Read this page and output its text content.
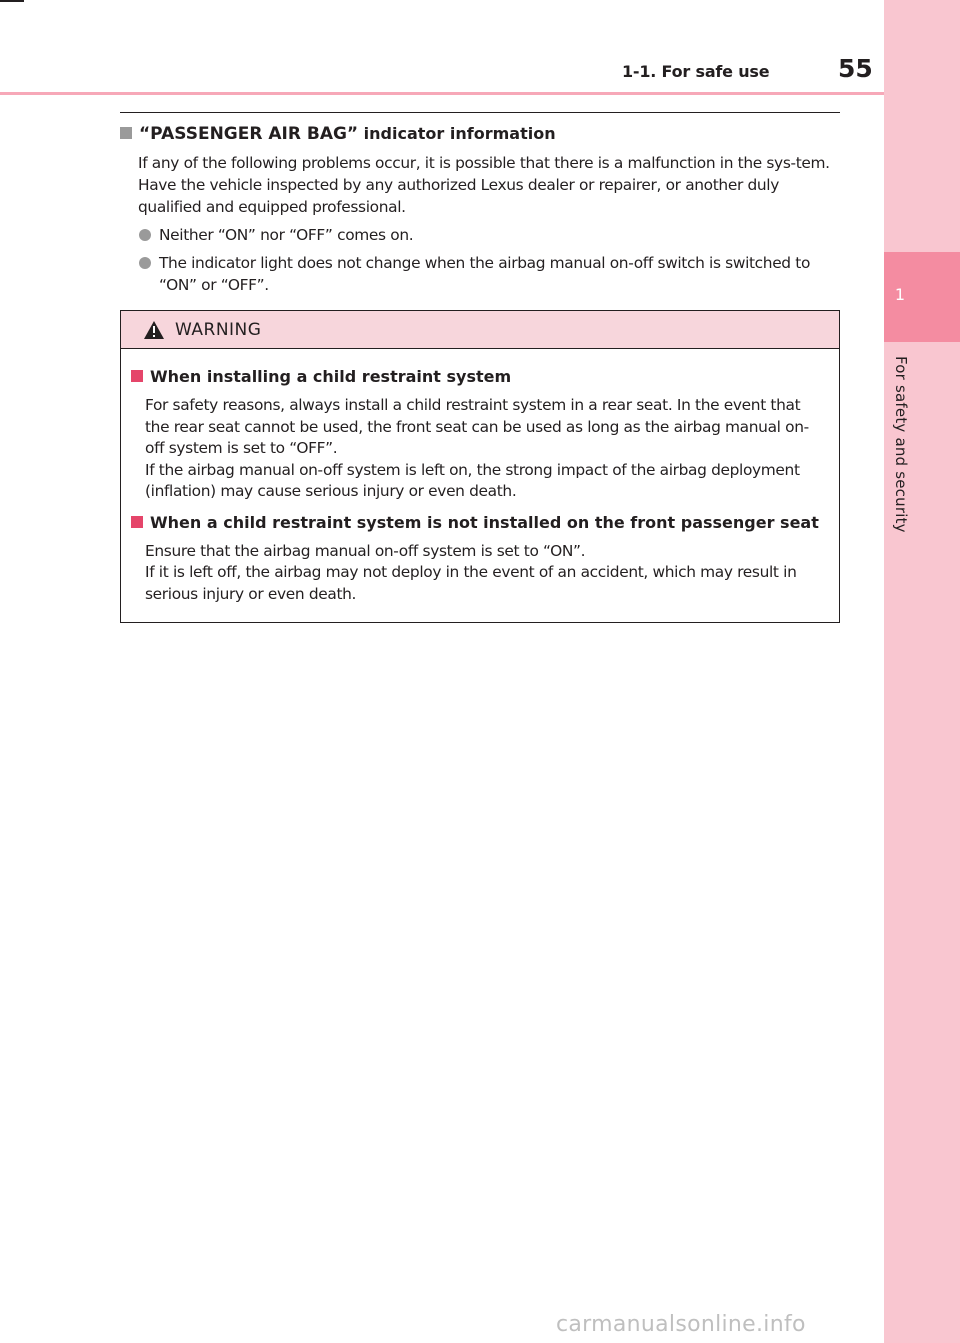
1
For safety and security
1-1. For safe use	55
“PASSENGER AIR BAG” indicator information
If any of the following problems occur, it is possible that there is a malfunction in the sys-tem. Have the vehicle inspected by any authorized Lexus dealer or repairer, or another duly qualified and equipped professional.
Neither “ON” nor “OFF” comes on.
The indicator light does not change when the airbag manual on-off switch is switched to “ON” or “OFF”.
WARNING
When installing a child restraint system
For safety reasons, always install a child restraint system in a rear seat. In the event that the rear seat cannot be used, the front seat can be used as long as the airbag manual on-off system is set to “OFF”.
If the airbag manual on-off system is left on, the strong impact of the airbag deployment (inflation) may cause serious injury or even death.
When a child restraint system is not installed on the front passenger seat
Ensure that the airbag manual on-off system is set to “ON”.
If it is left off, the airbag may not deploy in the event of an accident, which may result in serious injury or even death.
carmanualsonline.info
